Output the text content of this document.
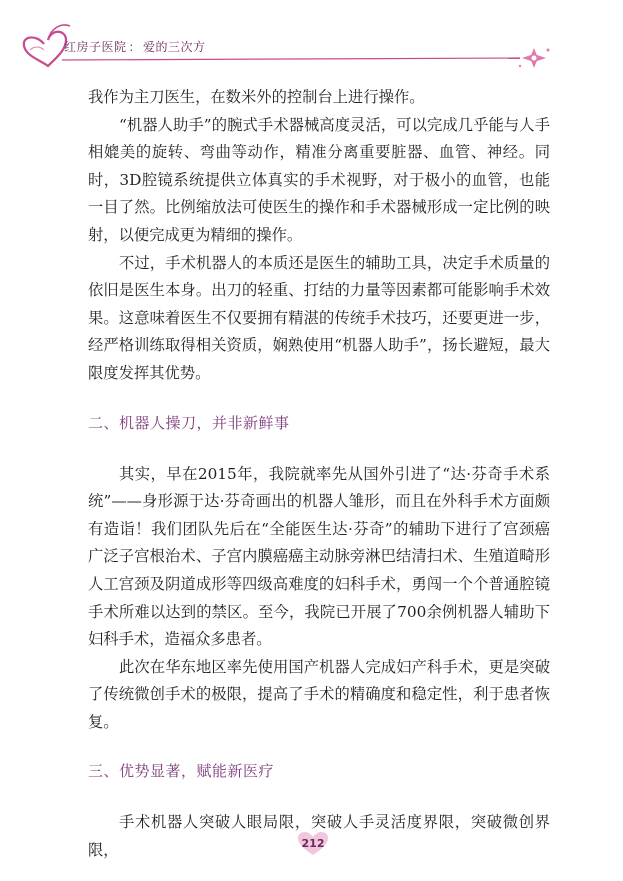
红房子医院 ： 爱的三次方

我作为主刀医生，在数米外的控制台上进行操作。

“机器人助手”的腕式手术器械高度灵活，可以完成几乎能与人手相媲美的旋转、弯曲等动作，精准分离重要脏器、血管、神经。同时，3D腔镜系统提供立体真实的手术视野，对于极小的血管，也能一目了然。比例缩放法可使医生的操作和手术器械形成一定比例的映射，以便完成更为精细的操作。

不过，手术机器人的本质还是医生的辅助工具，决定手术质量的依旧是医生本身。出刀的轻重、打结的力量等因素都可能影响手术效果。这意味着医生不仅要拥有精湛的传统手术技巧，还要更进一步，经严格训练取得相关资质，娴熟使用“机器人助手”，扬长避短，最大限度发挥其优势。

二、机器人操刀，并非新鲜事

其实，早在2015年，我院就率先从国外引进了“达·芬奇手术系统”——身形源于达·芬奇画出的机器人雏形，而且在外科手术方面颇有造诣！我们团队先后在“全能医生达·芬奇”的辅助下进行了宫颈癌广泛子宫根治术、子宫内膜癌癌主动脉旁淋巴结清扫术、生殖道畸形人工宫颈及阴道成形等四级高难度的妇科手术，勇闯一个个普通腔镜手术所难以达到的禁区。至今，我院已开展了700余例机器人辅助下妇科手术，造福众多患者。

此次在华东地区率先使用国产机器人完成妇产科手术，更是突破了传统微创手术的极限，提高了手术的精确度和稳定性，利于患者恢复。

三、优势显著，赋能新医疗

手术机器人突破人眼局限，突破人手灵活度界限，突破微创界限，	212
